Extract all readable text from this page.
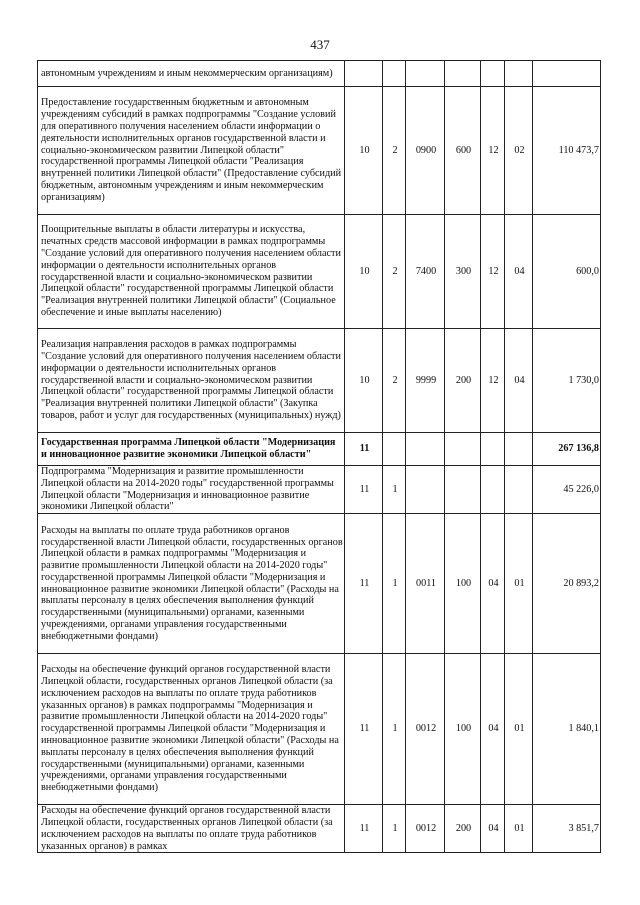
437
автономным учреждениям и иным некоммерческим организациям)							
Предоставление государственным бюджетным и автономным учреждениям субсидий в рамках подпрограммы "Создание условий для оперативного получения населением области информации о деятельности исполнительных органов государственной власти и социально-экономическом развитии Липецкой области" государственной программы Липецкой области "Реализация внутренней политики Липецкой области" (Предоставление субсидий бюджетным, автономным учреждениям и иным некоммерческим организациям)	10	2	0900	600	12	02	110 473,7
Поощрительные выплаты в области литературы и искусства, печатных средств массовой информации в рамках подпрограммы "Создание условий для оперативного получения населением области информации о деятельности исполнительных органов государственной власти и социально-экономическом развитии Липецкой области" государственной программы Липецкой области "Реализация внутренней политики Липецкой области" (Социальное обеспечение и иные выплаты населению)	10	2	7400	300	12	04	600,0
Реализация направления расходов в рамках подпрограммы "Создание условий для оперативного получения населением области информации о деятельности исполнительных органов государственной власти и социально-экономическом развитии Липецкой области" государственной программы Липецкой области "Реализация внутренней политики Липецкой области" (Закупка товаров, работ и услуг для государственных (муниципальных) нужд)	10	2	9999	200	12	04	1 730,0
Государственная программа Липецкой области "Модернизация и инновационное развитие экономики Липецкой области"	11						267 136,8
Подпрограмма "Модернизация и развитие промышленности Липецкой области на 2014-2020 годы" государственной программы Липецкой области "Модернизация и инновационное развитие экономики Липецкой области"	11	1					45 226,0
Расходы на выплаты по оплате труда работников органов государственной власти Липецкой области, государственных органов Липецкой области в рамках подпрограммы "Модернизация и развитие промышленности Липецкой области на 2014-2020 годы" государственной программы Липецкой области "Модернизация и инновационное развитие экономики Липецкой области" (Расходы на выплаты персоналу в целях обеспечения выполнения функций государственными (муниципальными) органами, казенными учреждениями, органами управления государственными внебюджетными фондами)	11	1	0011	100	04	01	20 893,2
Расходы на обеспечение функций органов государственной власти Липецкой области, государственных органов Липецкой области (за исключением расходов на выплаты по оплате труда работников указанных органов) в рамках подпрограммы "Модернизация и развитие промышленности Липецкой области на 2014-2020 годы" государственной программы Липецкой области "Модернизация и инновационное развитие экономики Липецкой области" (Расходы на выплаты персоналу в целях обеспечения выполнения функций государственными (муниципальными) органами, казенными учреждениями, органами управления государственными внебюджетными фондами)	11	1	0012	100	04	01	1 840,1
Расходы на обеспечение функций органов государственной власти Липецкой области, государственных органов Липецкой области (за исключением расходов на выплаты по оплате труда работников указанных органов) в рамках	11	1	0012	200	04	01	3 851,7
